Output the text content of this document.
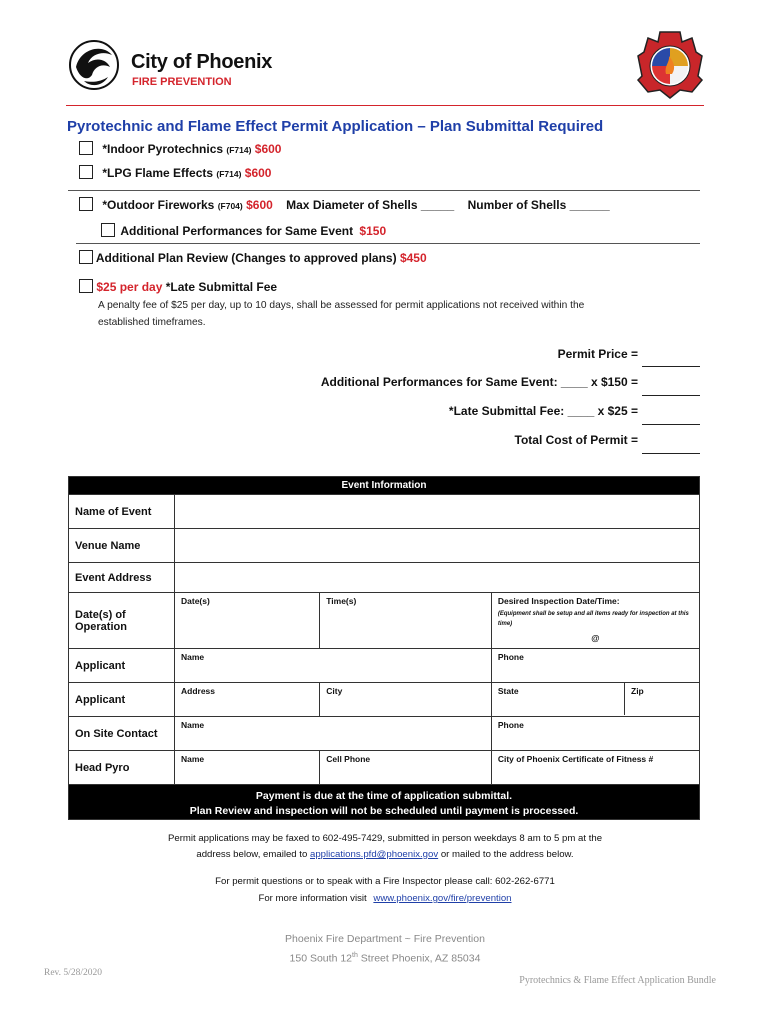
City of Phoenix
FIRE PREVENTION
Pyrotechnic and Flame Effect Permit Application – Plan Submittal Required
*Indoor Pyrotechnics (F714) $600
*LPG Flame Effects (F714) $600
*Outdoor Fireworks (F704) $600 Max Diameter of Shells _____ Number of Shells ______
Additional Performances for Same Event $150
Additional Plan Review (Changes to approved plans) $450
$25 per day *Late Submittal Fee
A penalty fee of $25 per day, up to 10 days, shall be assessed for permit applications not received within the
established timeframes.
Permit Price =
Additional Performances for Same Event: ____ x $150 =
*Late Submittal Fee: ____ x $25 =
Total Cost of Permit =
Event Information			
Name of Event			
Venue Name			
Event Address			
Date(s) of Operation	Date(s)	Time(s)	Desired Inspection Date/Time:
(Equipment shall be setup and all items ready for inspection at this time)
@

Applicant	Name		Phone
Applicant	Address	City	State Zip

On Site Contact	Name		Phone
Head Pyro	Name	Cell Phone	City of Phoenix Certificate of Fitness #

Payment is due at the time of application submittal.
Plan Review and inspection will not be scheduled until payment is processed.			
Permit applications may be faxed to 602-495-7429, submitted in person weekdays 8 am to 5 pm at the
address below, emailed to applications.pfd@phoenix.gov or mailed to the address below.
For permit questions or to speak with a Fire Inspector please call: 602-262-6771
For more information visit www.phoenix.gov/fire/prevention
Phoenix Fire Department ~ Fire Prevention
150 South 12th Street Phoenix, AZ 85034
Rev. 5/28/2020
Pyrotechnics & Flame Effect Application Bundle
